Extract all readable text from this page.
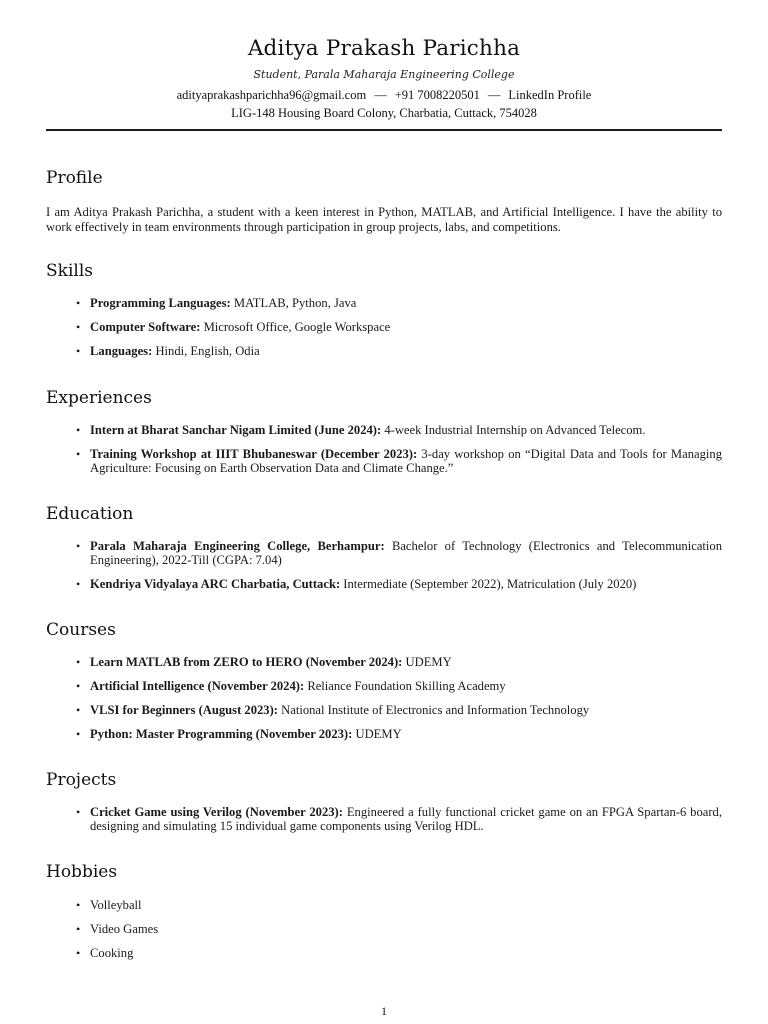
Aditya Prakash Parichha
Student, Parala Maharaja Engineering College
adityaprakashparichha96@gmail.com — +91 7008220501 — LinkedIn Profile
LIG-148 Housing Board Colony, Charbatia, Cuttack, 754028
Profile

I am Aditya Prakash Parichha, a student with a keen interest in Python, MATLAB, and Artificial Intelligence. I have the ability to work effectively in team environments through participation in group projects, labs, and competitions.

Skills
• Programming Languages: MATLAB, Python, Java
• Computer Software: Microsoft Office, Google Workspace
• Languages: Hindi, English, Odia
Experiences
• Intern at Bharat Sanchar Nigam Limited (June 2024): 4-week Industrial Internship on Advanced Telecom.
• Training Workshop at IIIT Bhubaneswar (December 2023): 3-day workshop on “Digital Data and Tools for Managing Agriculture: Focusing on Earth Observation Data and Climate Change.”
Education
• Parala Maharaja Engineering College, Berhampur: Bachelor of Technology (Electronics and Telecommunication Engineering), 2022-Till (CGPA: 7.04)
• Kendriya Vidyalaya ARC Charbatia, Cuttack: Intermediate (September 2022), Matriculation (July 2020)
Courses
• Learn MATLAB from ZERO to HERO (November 2024): UDEMY
• Artificial Intelligence (November 2024): Reliance Foundation Skilling Academy
• VLSI for Beginners (August 2023): National Institute of Electronics and Information Technology
• Python: Master Programming (November 2023): UDEMY
Projects
• Cricket Game using Verilog (November 2023): Engineered a fully functional cricket game on an FPGA Spartan-6 board, designing and simulating 15 individual game components using Verilog HDL.
Hobbies
• Volleyball
• Video Games
• Cooking
1
